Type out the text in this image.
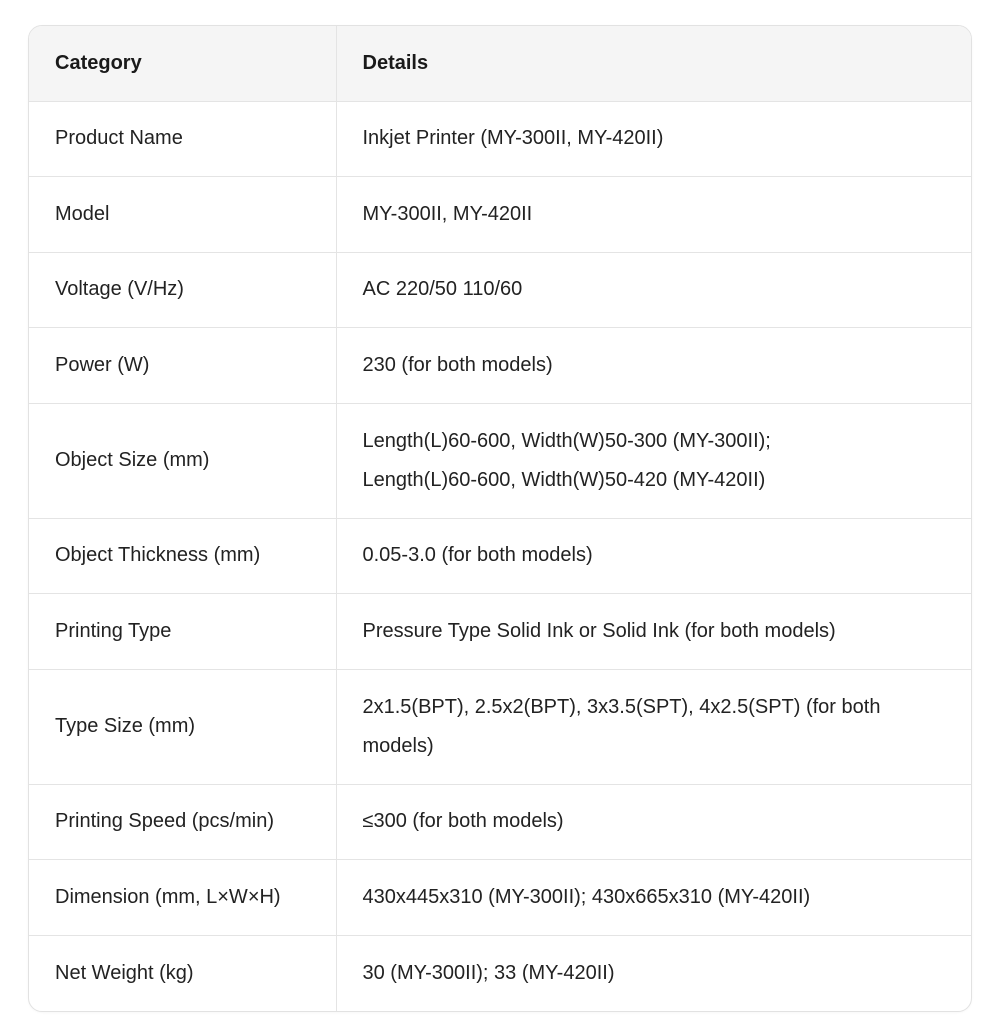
Category	Details
Product Name	Inkjet Printer (MY-300II, MY-420II)
Model	MY-300II, MY-420II
Voltage (V/Hz)	AC 220/50 110/60
Power (W)	230 (for both models)
Object Size (mm)	Length(L)60-600, Width(W)50-300 (MY-300II);
Length(L)60-600, Width(W)50-420 (MY-420II)
Object Thickness (mm)	0.05-3.0 (for both models)
Printing Type	Pressure Type Solid Ink or Solid Ink (for both models)
Type Size (mm)	2x1.5(BPT), 2.5x2(BPT), 3x3.5(SPT), 4x2.5(SPT) (for both
models)
Printing Speed (pcs/min)	≤300 (for both models)
Dimension (mm, L×W×H)	430x445x310 (MY-300II); 430x665x310 (MY-420II)
Net Weight (kg)	30 (MY-300II); 33 (MY-420II)
